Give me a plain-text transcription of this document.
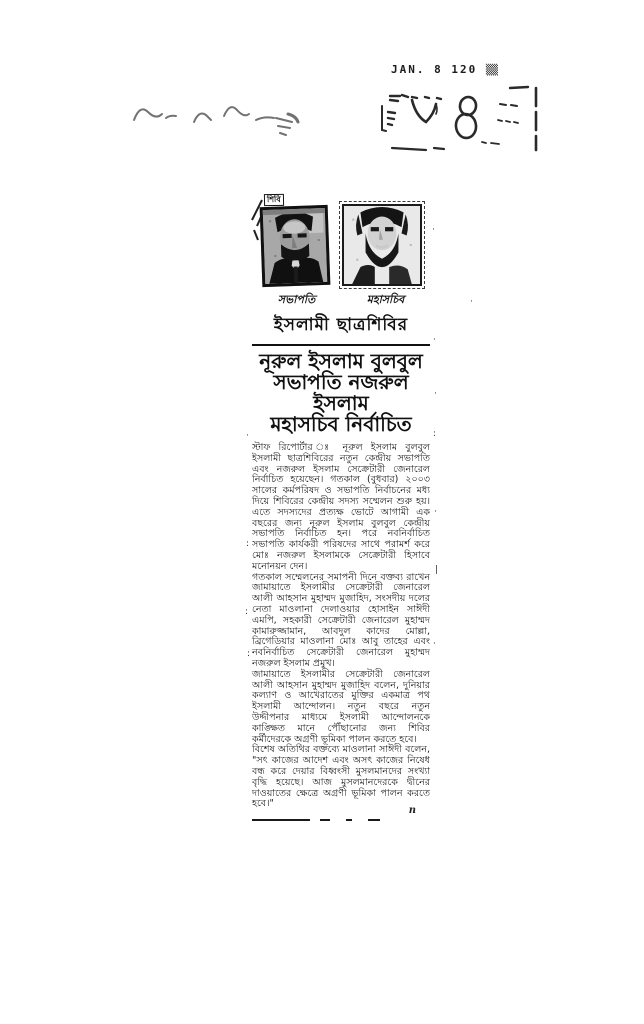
JAN. 8 120 ▒▒
শিবি
সভাপতি	মহাসচিব
ইসলামী ছাত্রশিবির
নূরুল ইসলাম বুলবুল
সভাপতি নজরুল ইসলাম
মহাসচিব নির্বাচিত

স্টাফ রিপোর্টার ঃ নূরুল ইসলাম বুলবুল ইসলামী ছাত্রশিবিরের নতুন কেন্দ্রীয় সভাপতি এবং নজরুল ইসলাম সেক্রেটারী জেনারেল নির্বাচিত হয়েছেন। গতকাল (বুধবার) ২০০৩ সালের কর্মপরিষদ ও সভাপতি নির্বাচনের মধ্য দিয়ে শিবিরের কেন্দ্রীয় সদস্য সম্মেলন শুরু হয়। এতে সদস্যদের প্রত্যক্ষ ভোটে আগামী এক বছরের জন্য নূরুল ইসলাম বুলবুল কেন্দ্রীয় সভাপতি নির্বাচিত হন। পরে নবনির্বাচিত সভাপতি কার্যকরী পরিষদের সাথে পরামর্শ করে মোঃ নজরুল ইসলামকে সেক্রেটারী হিসাবে মনোনয়ন দেন।

গতকাল সম্মেলনের সমাপনী দিনে বক্তব্য রাখেন জামায়াতে ইসলামীর সেক্রেটারী জেনারেল আলী আহসান মুহাম্মদ মুজাহিদ, সংসদীয় দলের নেতা মাওলানা দেলাওয়ার হোসাইন সাঈদী এমপি, সহকারী সেক্রেটারী জেনারেল মুহাম্মদ কামারুজ্জামান, আবদুল কাদের মোল্লা, ব্রিগেডিয়ার মাওলানা মোঃ আবু তাহের এবং নবনির্বাচিত সেক্রেটারী জেনারেল মুহাম্মদ নজরুল ইসলাম প্রমুখ।

জামায়াতে ইসলামীর সেক্রেটারী জেনারেল আলী আহসান মুহাম্মদ মুজাহিদ বলেন, দুনিয়ার কল্যাণ ও আখেরাতের মুক্তির একমাত্র পথ ইসলামী আন্দোলন। নতুন বছরে নতুন উদ্দীপনার মাধ্যমে ইসলামী আন্দোলনকে কাঙ্ক্ষিত মানে পৌঁছানোর জন্য শিবির কর্মীদেরকে অগ্রণী ভূমিকা পালন করতে হবে।

বিশেষ অতিথির বক্তব্যে মাওলানা সাঈদী বলেন, "সৎ কাজের আদেশ এবং অসৎ কাজের নিষেধ বন্ধ করে দেয়ার বিধ্বংসী মুসলমানদের সংখ্যা বৃদ্ধি হয়েছে। আজ মুসলমানদেরকে দ্বীনের দাওয়াতের ক্ষেত্রে অগ্রণী ভূমিকা পালন করতে হবে।"

n
·
·
·
·
:
·
|
:
:
:
·
·
